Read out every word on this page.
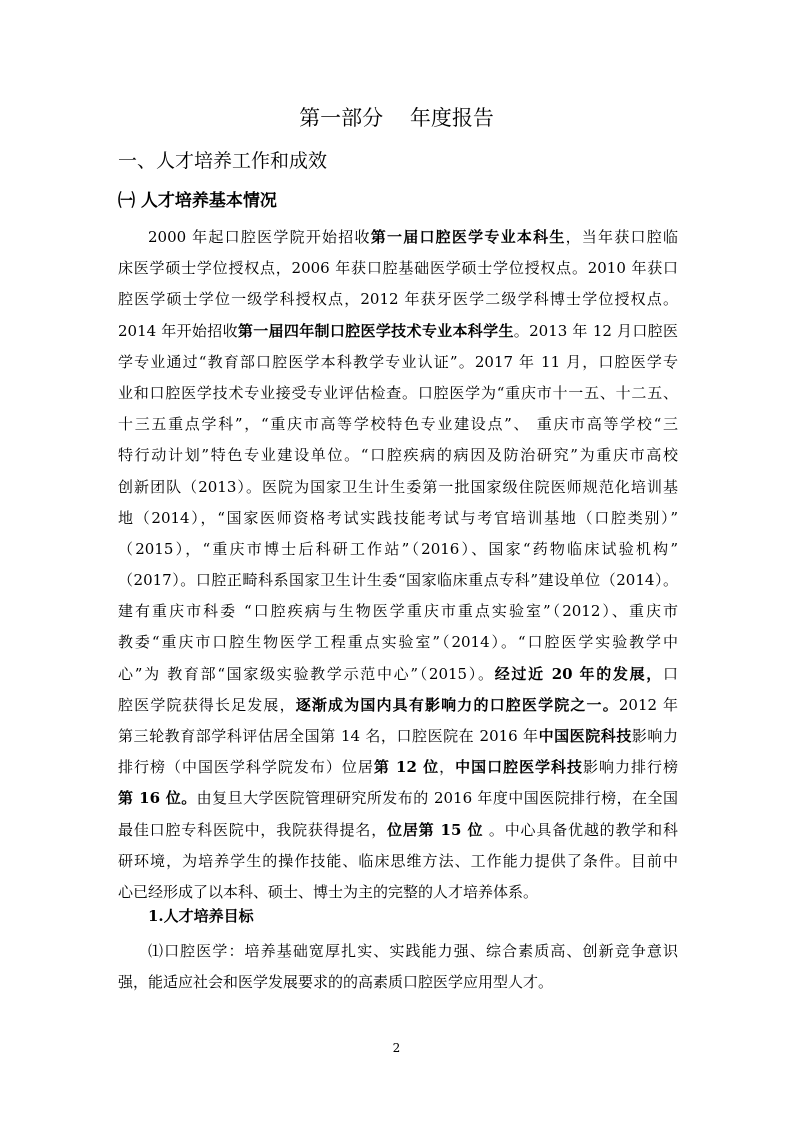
第一部分    年度报告
一、人才培养工作和成效
㈠ 人才培养基本情况
2000 年起口腔医学院开始招收第一届口腔医学专业本科生，当年获口腔临
床医学硕士学位授权点，2006 年获口腔基础医学硕士学位授权点。2010 年获口
腔医学硕士学位一级学科授权点，2012 年获牙医学二级学科博士学位授权点。
2014 年开始招收第一届四年制口腔医学技术专业本科学生。2013 年 12 月口腔医
学专业通过“教育部口腔医学本科教学专业认证”。2017 年 11 月，口腔医学专
业和口腔医学技术专业接受专业评估检查。口腔医学为“重庆市十一五、十二五、
十三五重点学科”，“重庆市高等学校特色专业建设点”、 重庆市高等学校“三
特行动计划”特色专业建设单位。“口腔疾病的病因及防治研究”为重庆市高校
创新团队（2013）。医院为国家卫生计生委第一批国家级住院医师规范化培训基
地（2014），“国家医师资格考试实践技能考试与考官培训基地（口腔类别）”
（2015），“重庆市博士后科研工作站”（2016）、国家“药物临床试验机构”
（2017）。口腔正畸科系国家卫生计生委“国家临床重点专科”建设单位（2014）。
建有重庆市科委 “口腔疾病与生物医学重庆市重点实验室”（2012）、重庆市
教委“重庆市口腔生物医学工程重点实验室”（2014）。“口腔医学实验教学中
心”为 教育部“国家级实验教学示范中心”（2015）。经过近 20 年的发展，口
腔医学院获得长足发展，逐渐成为国内具有影响力的口腔医学院之一。2012 年
第三轮教育部学科评估居全国第 14 名，口腔医院在 2016 年中国医院科技影响力
排行榜（中国医学科学院发布）位居第 12 位，中国口腔医学科技影响力排行榜
第 16 位。由复旦大学医院管理研究所发布的 2016 年度中国医院排行榜，在全国
最佳口腔专科医院中，我院获得提名，位居第 15 位 。中心具备优越的教学和科
研环境，为培养学生的操作技能、临床思维方法、工作能力提供了条件。目前中
心已经形成了以本科、硕士、博士为主的完整的人才培养体系。
1.人才培养目标
⑴口腔医学：培养基础宽厚扎实、实践能力强、综合素质高、创新竞争意识
强，能适应社会和医学发展要求的的高素质口腔医学应用型人才。
2
